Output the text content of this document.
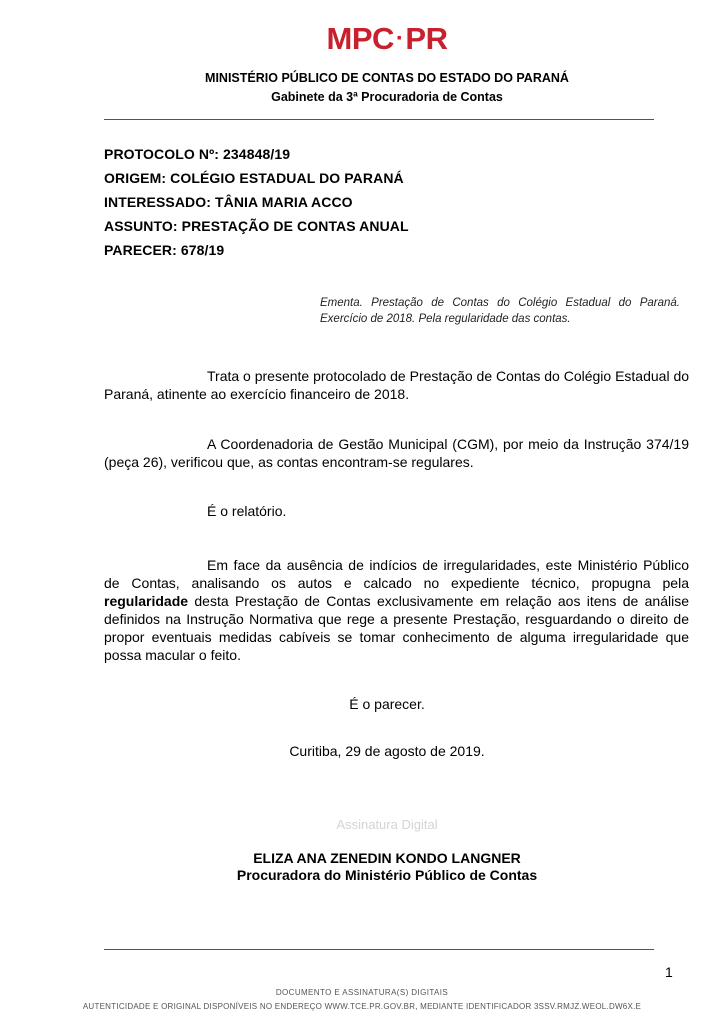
MPC·PR
MINISTÉRIO PÚBLICO DE CONTAS DO ESTADO DO PARANÁ
Gabinete da 3ª Procuradoria de Contas
PROTOCOLO Nº: 234848/19
ORIGEM: COLÉGIO ESTADUAL DO PARANÁ
INTERESSADO: TÂNIA MARIA ACCO
ASSUNTO: PRESTAÇÃO DE CONTAS ANUAL
PARECER: 678/19
Ementa. Prestação de Contas do Colégio Estadual do Paraná. Exercício de 2018. Pela regularidade das contas.
Trata o presente protocolado de Prestação de Contas do Colégio Estadual do Paraná, atinente ao exercício financeiro de 2018.
A Coordenadoria de Gestão Municipal (CGM), por meio da Instrução 374/19 (peça 26), verificou que, as contas encontram-se regulares.
É o relatório.
Em face da ausência de indícios de irregularidades, este Ministério Público de Contas, analisando os autos e calcado no expediente técnico, propugna pela regularidade desta Prestação de Contas exclusivamente em relação aos itens de análise definidos na Instrução Normativa que rege a presente Prestação, resguardando o direito de propor eventuais medidas cabíveis se tomar conhecimento de alguma irregularidade que possa macular o feito.
É o parecer.
Curitiba, 29 de agosto de 2019.
Assinatura Digital
ELIZA ANA ZENEDIN KONDO LANGNER
Procuradora do Ministério Público de Contas
1
DOCUMENTO E ASSINATURA(S) DIGITAIS
AUTENTICIDADE E ORIGINAL DISPONÍVEIS NO ENDEREÇO WWW.TCE.PR.GOV.BR, MEDIANTE IDENTIFICADOR 3SSV.RMJZ.WEOL.DW6X.E
